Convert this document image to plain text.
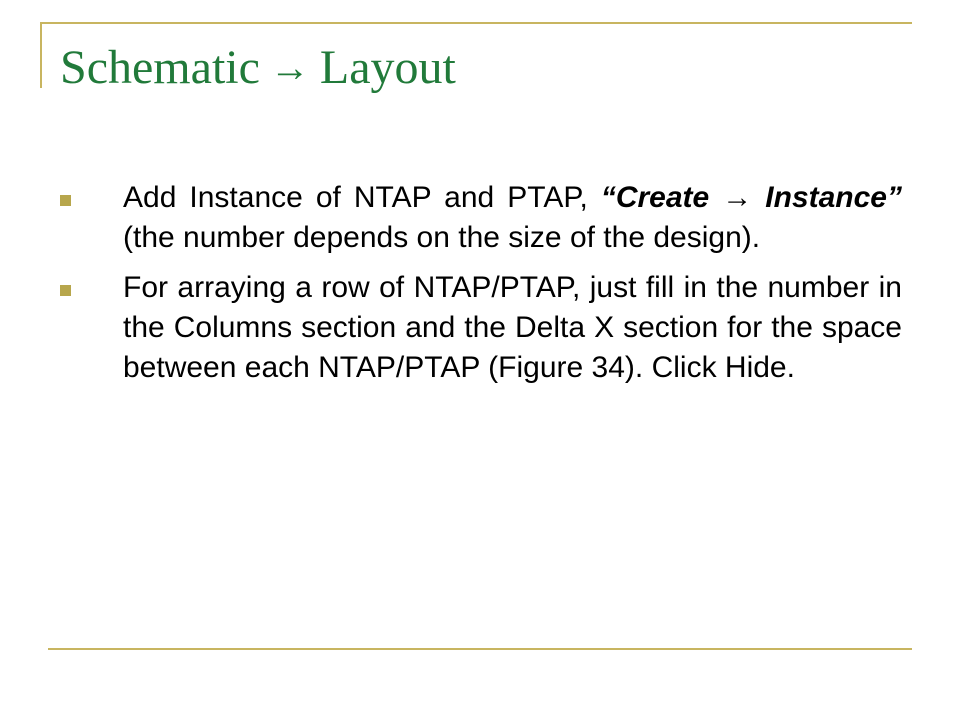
Schematic → Layout
Add Instance of NTAP and PTAP, “Create → Instance” (the number depends on the size of the design).
For arraying a row of NTAP/PTAP, just fill in the number in the Columns section and the Delta X section for the space between each NTAP/PTAP (Figure 34). Click Hide.
